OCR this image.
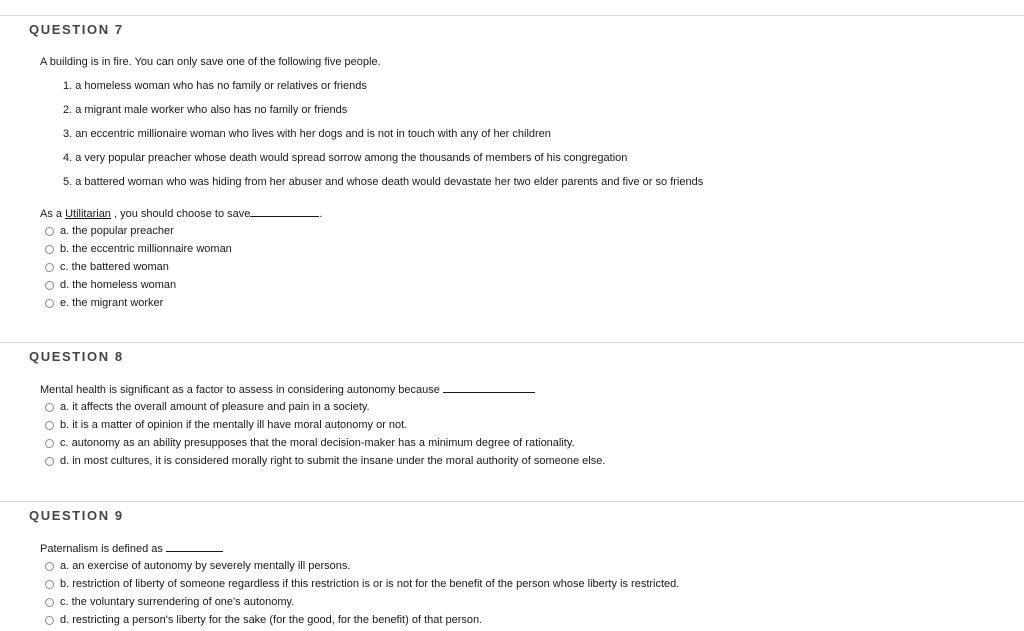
QUESTION 7
A building is in fire. You can only save one of the following five people.
1. a homeless woman who has no family or relatives or friends
2. a migrant male worker who also has no family or friends
3. an eccentric millionaire woman who lives with her dogs and is not in touch with any of her children
4. a very popular preacher whose death would spread sorrow among the thousands of members of his congregation
5. a battered woman who was hiding from her abuser and whose death would devastate her two elder parents and five or so friends
As a Utilitarian , you should choose to save	.
a. the popular preacher
b. the eccentric millionnaire woman
c. the battered woman
d. the homeless woman
e. the migrant worker
QUESTION 8
Mental health is significant as a factor to assess in considering autonomy because
a. it affects the overall amount of pleasure and pain in a society.
b. it is a matter of opinion if the mentally ill have moral autonomy or not.
c. autonomy as an ability presupposes that the moral decision-maker has a minimum degree of rationality.
d. in most cultures, it is considered morally right to submit the insane under the moral authority of someone else.
QUESTION 9
Paternalism is defined as
a. an exercise of autonomy by severely mentally ill persons.
b. restriction of liberty of someone regardless if this restriction is or is not for the benefit of the person whose liberty is restricted.
c. the voluntary surrendering of one's autonomy.
d. restricting a person's liberty for the sake (for the good, for the benefit) of that person.
